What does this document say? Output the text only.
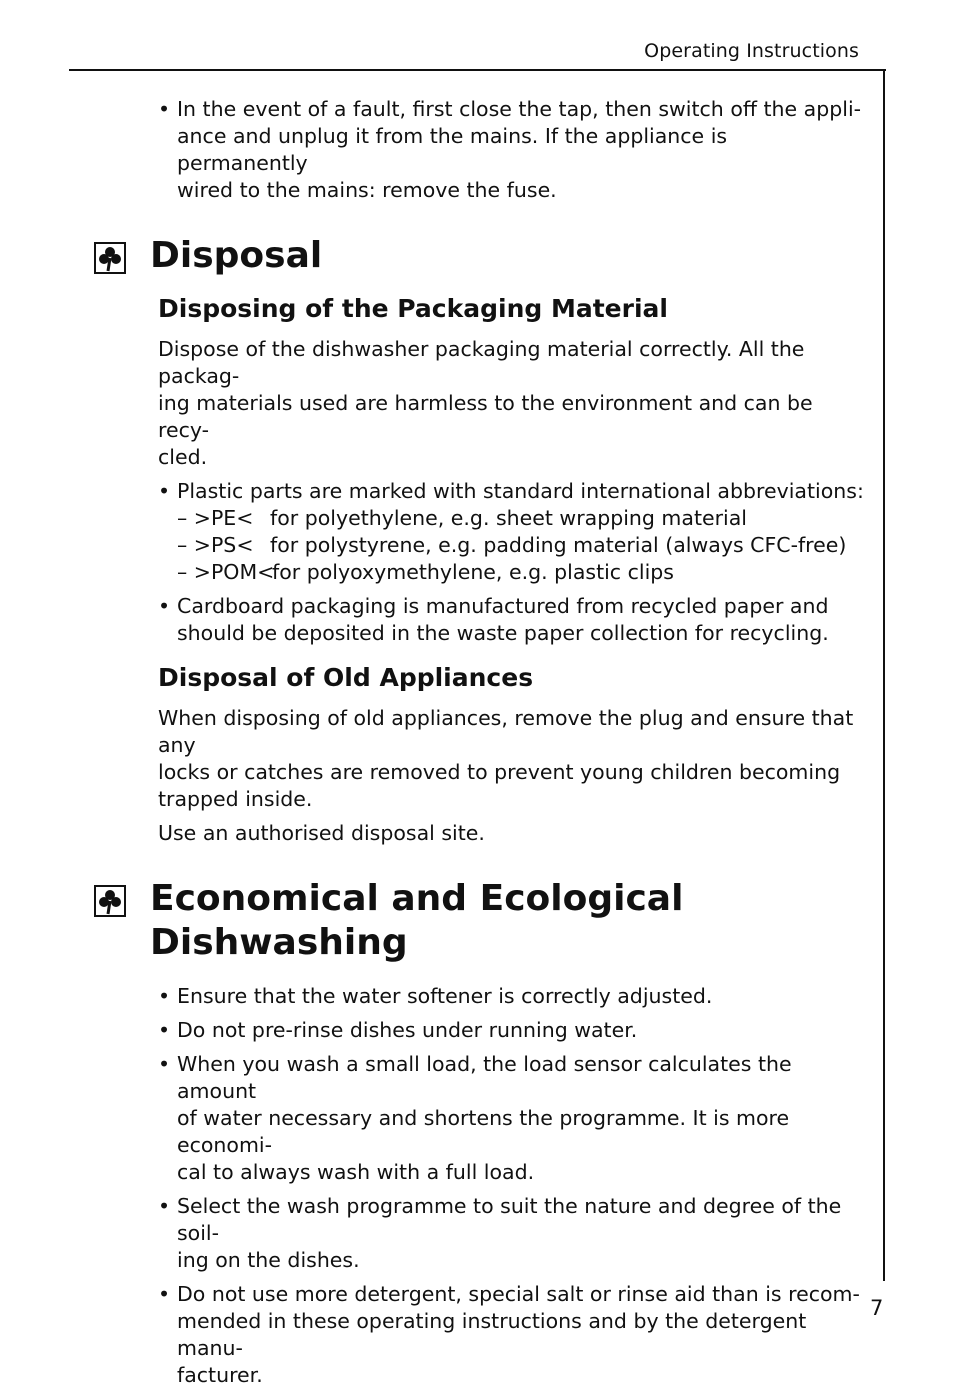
Operating Instructions
• In the event of a fault, first close the tap, then switch off the appli-
ance and unplug it from the mains. If the appliance is permanently
wired to the mains: remove the fuse.
Disposal
Disposing of the Packaging Material
Dispose of the dishwasher packaging material correctly. All the packag-
ing materials used are harmless to the environment and can be recy-
cled.
• Plastic parts are marked with standard international abbreviations:
– >PE< for polyethylene, e.g. sheet wrapping material
– >PS< for polystyrene, e.g. padding material (always CFC-free)
– >POM<
for polyoxymethylene, e.g. plastic clips
• Cardboard packaging is manufactured from recycled paper and
should be deposited in the waste paper collection for recycling.
Disposal of Old Appliances
When disposing of old appliances, remove the plug and ensure that any
locks or catches are removed to prevent young children becoming
trapped inside.
Use an authorised disposal site.
Economical and Ecological Dishwashing
• Ensure that the water softener is correctly adjusted.
• Do not pre-rinse dishes under running water.
• When you wash a small load, the load sensor calculates the amount
of water necessary and shortens the programme. It is more economi-
cal to always wash with a full load.
• Select the wash programme to suit the nature and degree of the soil-
ing on the dishes.
• Do not use more detergent, special salt or rinse aid than is recom-
mended in these operating instructions and by the detergent manu-
facturer.
7
